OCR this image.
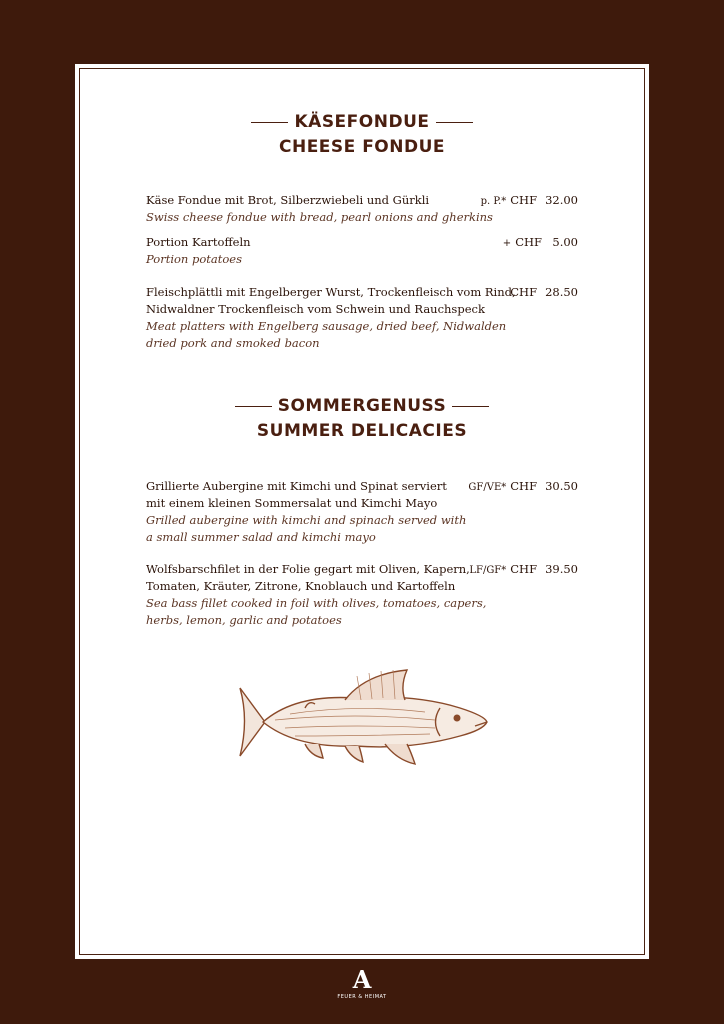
KÄSEFONDUE
CHEESE FONDUE
Käse Fondue mit Brot, Silberzwiebeli und Gürkli
Swiss cheese fondue with bread, pearl onions and gherkins
p. P.* CHF 32.00
Portion Kartoffeln
Portion potatoes
+ CHF 5.00
Fleischplättli mit Engelberger Wurst, Trockenfleisch vom Rind,
Nidwaldner Trockenfleisch vom Schwein und Rauchspeck
Meat platters with Engelberg sausage, dried beef, Nidwalden
dried pork and smoked bacon
CHF 28.50
SOMMERGENUSS
SUMMER DELICACIES
Grillierte Aubergine mit Kimchi und Spinat serviert
mit einem kleinen Sommersalat und Kimchi Mayo
Grilled aubergine with kimchi and spinach served with
a small summer salad and kimchi mayo
GF/VE* CHF 30.50
Wolfsbarschfilet in der Folie gegart mit Oliven, Kapern,
Tomaten, Kräuter, Zitrone, Knoblauch und Kartoffeln
Sea bass fillet cooked in foil with olives, tomatoes, capers,
herbs, lemon, garlic and potatoes
LF/GF* CHF 39.50
A
FEUER & HEIMAT
